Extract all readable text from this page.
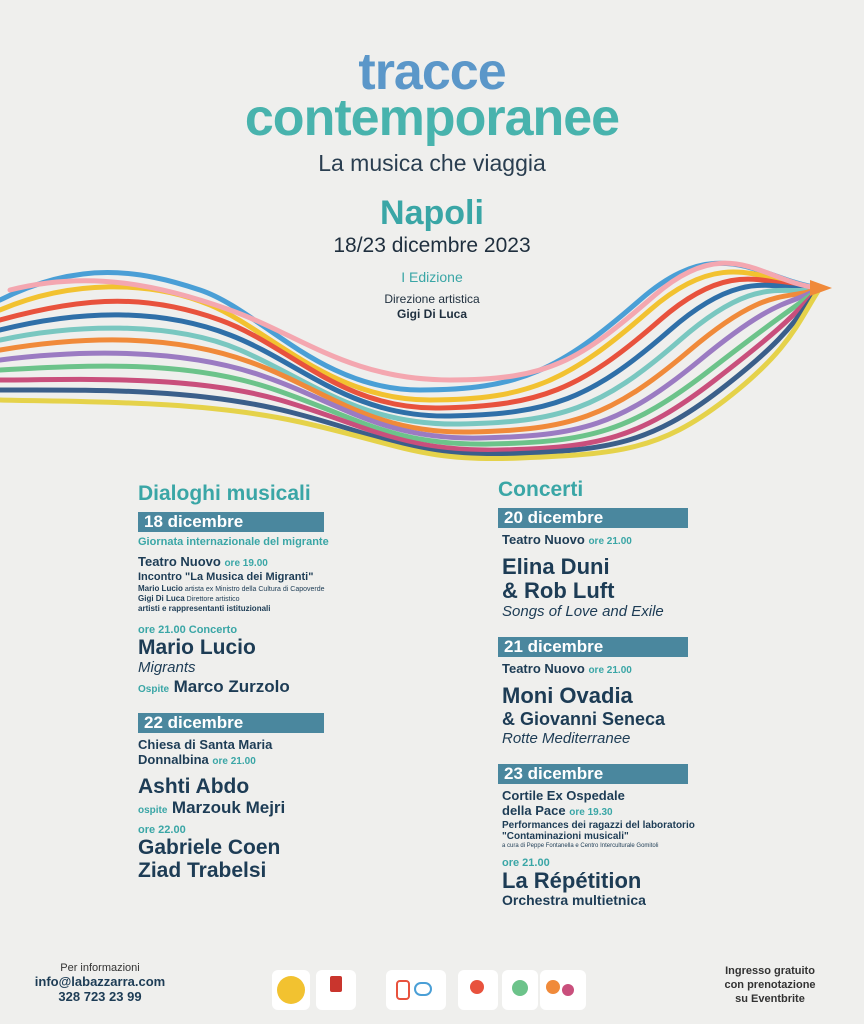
tracce
contemporanee
La musica che viaggia
Napoli
18/23 dicembre 2023
I Edizione
Direzione artistica
Gigi Di Luca
Dialoghi musicali
18 dicembre
Giornata internazionale del migrante
Teatro Nuovo ore 19.00
Incontro "La Musica dei Migranti"
Mario Lucio artista ex Ministro della Cultura di Capoverde
Gigi Di Luca Direttore artistico
artisti e rappresentanti istituzionali
ore 21.00 Concerto
Mario Lucio
Migrants
Ospite Marco Zurzolo
22 dicembre
Chiesa di Santa Maria
Donnalbina ore 21.00
Ashti Abdo
ospite Marzouk Mejri
ore 22.00
Gabriele Coen
Ziad Trabelsi
Concerti
20 dicembre
Teatro Nuovo ore 21.00
Elina Duni
& Rob Luft
Songs of Love and Exile
21 dicembre
Teatro Nuovo ore 21.00
Moni Ovadia
& Giovanni Seneca
Rotte Mediterranee
23 dicembre
Cortile Ex Ospedale
della Pace ore 19.30
Performances dei ragazzi del laboratorio
"Contaminazioni musicali"
a cura di Peppe Fontanella e Centro Interculturale Gomitoli
ore 21.00
La Répétition
Orchestra multietnica
Per informazioni
info@labazzarra.com
328 723 23 99
Ingresso gratuito
con prenotazione
su Eventbrite
